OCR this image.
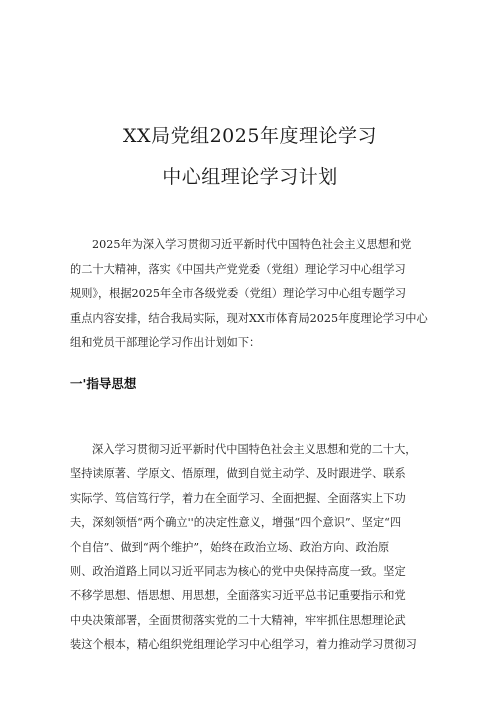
XX局党组2025年度理论学习
中心组理论学习计划
2025年为深入学习贯彻习近平新时代中国特色社会主义思想和党
的二十大精神，落实《中国共产党党委（党组）理论学习中心组学习
规则》，根据2025年全市各级党委（党组）理论学习中心组专题学习
重点内容安排，结合我局实际，现对XX市体育局2025年度理论学习中心
组和党员干部理论学习作出计划如下：
一'指导思想
深入学习贯彻习近平新时代中国特色社会主义思想和党的二十大，
坚持读原著、学原文、悟原理，做到自觉主动学、及时跟进学、联系
实际学、笃信笃行学，着力在全面学习、全面把握、全面落实上下功
夫，深刻领悟“两个确立''的决定性意义，增强“四个意识”、坚定“四
个自信”、做到“两个维护”，始终在政治立场、政治方向、政治原
则、政治道路上同以习近平同志为核心的党中央保持高度一致。坚定
不移学思想、悟思想、用思想，全面落实习近平总书记重要指示和党
中央决策部署，全面贯彻落实党的二十大精神，牢牢抓住思想理论武
装这个根本，精心组织党组理论学习中心组学习，着力推动学习贯彻习
